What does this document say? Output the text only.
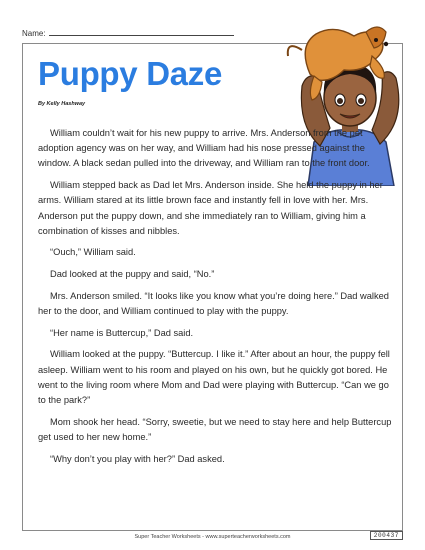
Name:
Puppy Daze
By Kelly Hashway

William couldn’t wait for his new puppy to arrive. Mrs. Anderson from the pet adoption agency was on her way, and William had his nose pressed against the window. A black sedan pulled into the driveway, and William ran to the front door.

William stepped back as Dad let Mrs. Anderson inside. She held the puppy in her arms. William stared at its little brown face and instantly fell in love with her. Mrs. Anderson put the puppy down, and she immediately ran to William, giving him a combination of kisses and nibbles.

“Ouch,” William said.

Dad looked at the puppy and said, “No.”

Mrs. Anderson smiled. “It looks like you know what you’re doing here.” Dad walked her to the door, and William continued to play with the puppy.

“Her name is Buttercup,” Dad said.

William looked at the puppy. “Buttercup. I like it.” After about an hour, the puppy fell asleep. William went to his room and played on his own, but he quickly got bored. He went to the living room where Mom and Dad were playing with Buttercup. “Can we go to the park?”

Mom shook her head. “Sorry, sweetie, but we need to stay here and help Buttercup get used to her new home.”

“Why don’t you play with her?” Dad asked.

Super Teacher Worksheets - www.superteacherworksheets.com	200437
